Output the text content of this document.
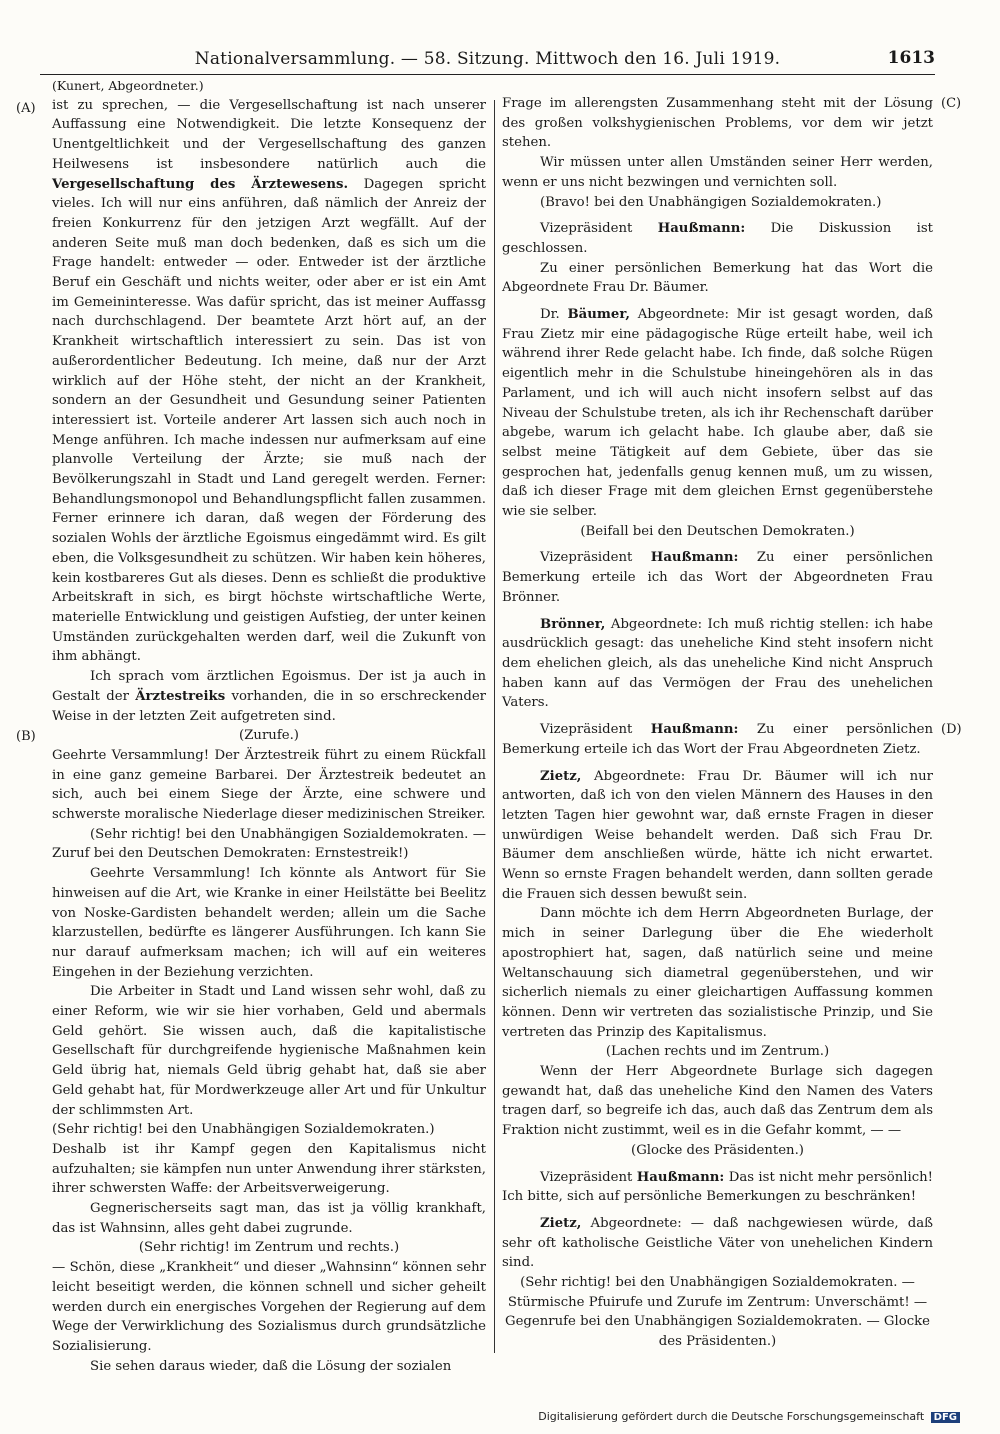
Nationalversammlung. — 58. Sitzung. Mittwoch den 16. Juli 1919.	1613
(A)
(B)
(C)
(D)

(Kunert, Abgeordneter.)

ist zu sprechen, — die Vergesellschaftung ist nach unserer Auffassung eine Notwendigkeit. Die letzte Konsequenz der Unentgeltlichkeit und der Vergesellschaftung des ganzen Heilwesens ist insbesondere natürlich auch die Vergesellschaftung des Ärztewesens. Dagegen spricht vieles. Ich will nur eins anführen, daß nämlich der Anreiz der freien Konkurrenz für den jetzigen Arzt wegfällt. Auf der anderen Seite muß man doch bedenken, daß es sich um die Frage handelt: entweder — oder. Entweder ist der ärztliche Beruf ein Geschäft und nichts weiter, oder aber er ist ein Amt im Gemeininteresse. Was dafür spricht, das ist meiner Auffassg nach durchschlagend. Der beamtete Arzt hört auf, an der Krankheit wirtschaftlich interessiert zu sein. Das ist von außerordentlicher Bedeutung. Ich meine, daß nur der Arzt wirklich auf der Höhe steht, der nicht an der Krankheit, sondern an der Gesundheit und Gesundung seiner Patienten interessiert ist. Vorteile anderer Art lassen sich auch noch in Menge anführen. Ich mache indessen nur aufmerksam auf eine planvolle Verteilung der Ärzte; sie muß nach der Bevölkerungszahl in Stadt und Land geregelt werden. Ferner: Behandlungsmonopol und Behandlungspflicht fallen zusammen. Ferner erinnere ich daran, daß wegen der Förderung des sozialen Wohls der ärztliche Egoismus eingedämmt wird. Es gilt eben, die Volksgesundheit zu schützen. Wir haben kein höheres, kein kostbareres Gut als dieses. Denn es schließt die produktive Arbeitskraft in sich, es birgt höchste wirtschaftliche Werte, materielle Entwicklung und geistigen Aufstieg, der unter keinen Umständen zurückgehalten werden darf, weil die Zukunft von ihm abhängt.

Ich sprach vom ärztlichen Egoismus. Der ist ja auch in Gestalt der Ärztestreiks vorhanden, die in so erschreckender Weise in der letzten Zeit aufgetreten sind.

(Zurufe.)

Geehrte Versammlung! Der Ärztestreik führt zu einem Rückfall in eine ganz gemeine Barbarei. Der Ärztestreik bedeutet an sich, auch bei einem Siege der Ärzte, eine schwere und schwerste moralische Niederlage dieser medizinischen Streiker.

(Sehr richtig! bei den Unabhängigen Sozialdemokraten. — Zuruf bei den Deutschen Demokraten: Ernstestreik!)

Geehrte Versammlung! Ich könnte als Antwort für Sie hinweisen auf die Art, wie Kranke in einer Heilstätte bei Beelitz von Noske-Gardisten behandelt werden; allein um die Sache klarzustellen, bedürfte es längerer Ausführungen. Ich kann Sie nur darauf aufmerksam machen; ich will auf ein weiteres Eingehen in der Beziehung verzichten.

Die Arbeiter in Stadt und Land wissen sehr wohl, daß zu einer Reform, wie wir sie hier vorhaben, Geld und abermals Geld gehört. Sie wissen auch, daß die kapitalistische Gesellschaft für durchgreifende hygienische Maßnahmen kein Geld übrig hat, niemals Geld übrig gehabt hat, daß sie aber Geld gehabt hat, für Mordwerkzeuge aller Art und für Unkultur der schlimmsten Art.

(Sehr richtig! bei den Unabhängigen Sozialdemokraten.)

Deshalb ist ihr Kampf gegen den Kapitalismus nicht aufzuhalten; sie kämpfen nun unter Anwendung ihrer stärksten, ihrer schwersten Waffe: der Arbeitsverweigerung.

Gegnerischerseits sagt man, das ist ja völlig krankhaft, das ist Wahnsinn, alles geht dabei zugrunde.

(Sehr richtig! im Zentrum und rechts.)

— Schön, diese „Krankheit“ und dieser „Wahnsinn“ können sehr leicht beseitigt werden, die können schnell und sicher geheilt werden durch ein energisches Vorgehen der Regierung auf dem Wege der Verwirklichung des Sozialismus durch grundsätzliche Sozialisierung.

Sie sehen daraus wieder, daß die Lösung der sozialen

Frage im allerengsten Zusammenhang steht mit der Lösung des großen volkshygienischen Problems, vor dem wir jetzt stehen.

Wir müssen unter allen Umständen seiner Herr werden, wenn er uns nicht bezwingen und vernichten soll.

(Bravo! bei den Unabhängigen Sozialdemokraten.)

Vizepräsident Haußmann: Die Diskussion ist geschlossen.

Zu einer persönlichen Bemerkung hat das Wort die Abgeordnete Frau Dr. Bäumer.

Dr. Bäumer, Abgeordnete: Mir ist gesagt worden, daß Frau Zietz mir eine pädagogische Rüge erteilt habe, weil ich während ihrer Rede gelacht habe. Ich finde, daß solche Rügen eigentlich mehr in die Schulstube hineingehören als in das Parlament, und ich will auch nicht insofern selbst auf das Niveau der Schulstube treten, als ich ihr Rechenschaft darüber abgebe, warum ich gelacht habe. Ich glaube aber, daß sie selbst meine Tätigkeit auf dem Gebiete, über das sie gesprochen hat, jedenfalls genug kennen muß, um zu wissen, daß ich dieser Frage mit dem gleichen Ernst gegenüberstehe wie sie selber.

(Beifall bei den Deutschen Demokraten.)

Vizepräsident Haußmann: Zu einer persönlichen Bemerkung erteile ich das Wort der Abgeordneten Frau Brönner.

Brönner, Abgeordnete: Ich muß richtig stellen: ich habe ausdrücklich gesagt: das uneheliche Kind steht insofern nicht dem ehelichen gleich, als das uneheliche Kind nicht Anspruch haben kann auf das Vermögen der Frau des unehelichen Vaters.

Vizepräsident Haußmann: Zu einer persönlichen Bemerkung erteile ich das Wort der Frau Abgeordneten Zietz.

Zietz, Abgeordnete: Frau Dr. Bäumer will ich nur antworten, daß ich von den vielen Männern des Hauses in den letzten Tagen hier gewohnt war, daß ernste Fragen in dieser unwürdigen Weise behandelt werden. Daß sich Frau Dr. Bäumer dem anschließen würde, hätte ich nicht erwartet. Wenn so ernste Fragen behandelt werden, dann sollten gerade die Frauen sich dessen bewußt sein.

Dann möchte ich dem Herrn Abgeordneten Burlage, der mich in seiner Darlegung über die Ehe wiederholt apostrophiert hat, sagen, daß natürlich seine und meine Weltanschauung sich diametral gegenüberstehen, und wir sicherlich niemals zu einer gleichartigen Auffassung kommen können. Denn wir vertreten das sozialistische Prinzip, und Sie vertreten das Prinzip des Kapitalismus.

(Lachen rechts und im Zentrum.)

Wenn der Herr Abgeordnete Burlage sich dagegen gewandt hat, daß das uneheliche Kind den Namen des Vaters tragen darf, so begreife ich das, auch daß das Zentrum dem als Fraktion nicht zustimmt, weil es in die Gefahr kommt, — —

(Glocke des Präsidenten.)

Vizepräsident Haußmann: Das ist nicht mehr persönlich! Ich bitte, sich auf persönliche Bemerkungen zu beschränken!

Zietz, Abgeordnete: — daß nachgewiesen würde, daß sehr oft katholische Geistliche Väter von unehelichen Kindern sind.

(Sehr richtig! bei den Unabhängigen Sozialdemokraten. — Stürmische Pfuirufe und Zurufe im Zentrum: Unverschämt! — Gegenrufe bei den Unabhängigen Sozialdemokraten. — Glocke des Präsidenten.)

Digitalisierung gefördert durch die Deutsche Forschungsgemeinschaft DFG
